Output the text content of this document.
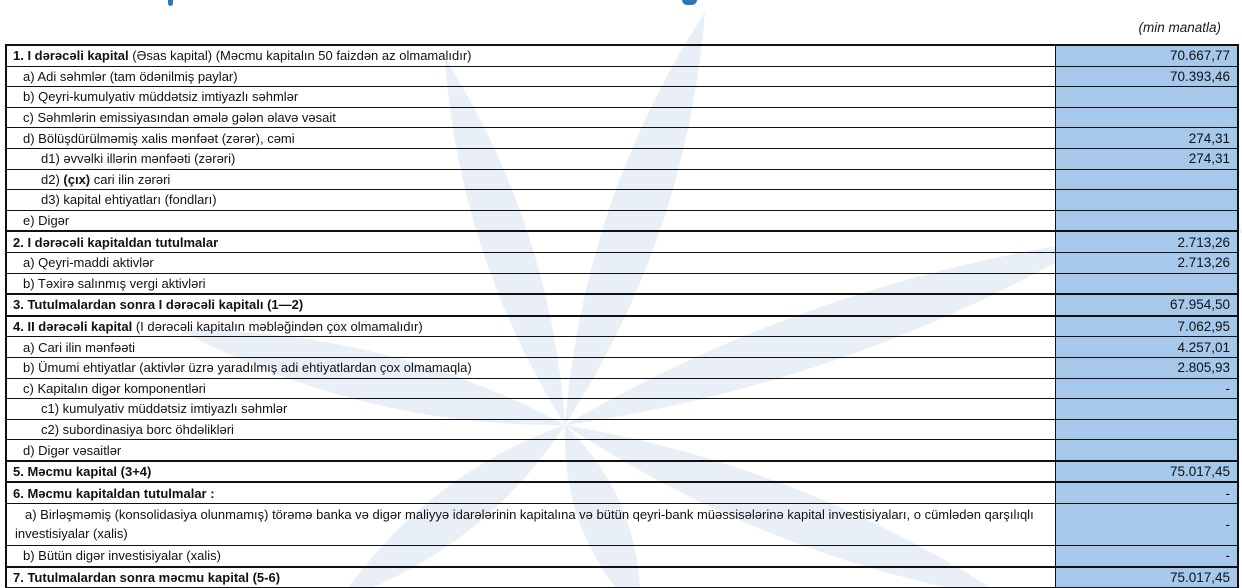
(min manatla)
1. I dərəcəli kapital (Əsas kapital) (Məcmu kapitalın 50 faizdən az olmamalıdır)	70.667,77
a) Adi səhmlər (tam ödənilmiş paylar)	70.393,46
b) Qeyri-kumulyativ müddətsiz imtiyazlı səhmlər	
c) Səhmlərin emissiyasından əmələ gələn əlavə vəsait	
d) Bölüşdürülməmiş xalis mənfəət (zərər), cəmi	274,31
d1) əvvəlki illərin mənfəəti (zərəri)	274,31
d2) (çıx) cari ilin zərəri	
d3) kapital ehtiyatları (fondları)	
e) Digər	
2. I dərəcəli kapitaldan tutulmalar	2.713,26
a) Qeyri-maddi aktivlər	2.713,26
b) Təxirə salınmış vergi aktivləri	
3. Tutulmalardan sonra I dərəcəli kapitalı (1—2)	67.954,50
4. II dərəcəli kapital (I dərəcəli kapitalın məbləğindən çox olmamalıdır)	7.062,95
a) Cari ilin mənfəəti	4.257,01
b) Ümumi ehtiyatlar (aktivlər üzrə yaradılmış adi ehtiyatlardan çox olmamaqla)	2.805,93
c) Kapitalın digər komponentləri	-
c1) kumulyativ müddətsiz imtiyazlı səhmlər	
c2) subordinasiya borc öhdəlikləri	
d) Digər vəsaitlər	
5. Məcmu kapital (3+4)	75.017,45
6. Məcmu kapitaldan tutulmalar :	-
a) Birləşməmiş (konsolidasiya olunmamış) törəmə banka və digər maliyyə idarələrinin kapitalına və bütün qeyri-bank müəssisələrinə kapital investisiyaları, o cümlədən qarşılıqlı investisiyalar (xalis)	-
b) Bütün digər investisiyalar (xalis)	-
7. Tutulmalardan sonra məcmu kapital (5-6)	75.017,45
